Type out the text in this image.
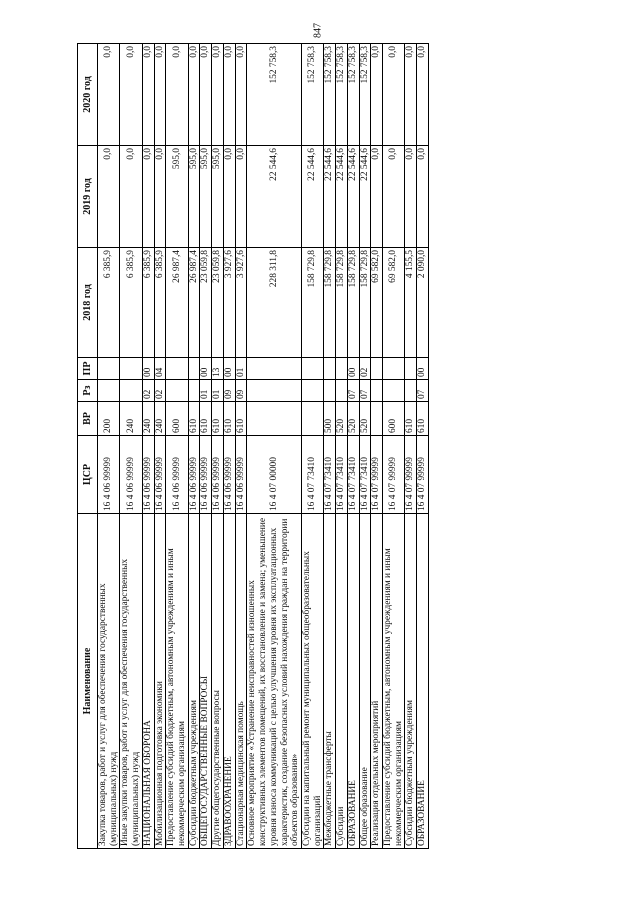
847
Наименование	ЦСР	ВР	Рз	ПР	2018 год	2019 год	2020 год
Закупка товаров, работ и услуг для обеспечения государственных (муниципальных) нужд	16 4 06 99999	200			6 385,9	0,0	0,0
Иные закупки товаров, работ и услуг для обеспечения государственных (муниципальных) нужд	16 4 06 99999	240			6 385,9	0,0	0,0
НАЦИОНАЛЬНАЯ ОБОРОНА	16 4 06 99999	240	02	00	6 385,9	0,0	0,0
Мобилизационная подготовка экономики	16 4 06 99999	240	02	04	6 385,9	0,0	0,0
Предоставление субсидий бюджетным, автономным учреждениям и иным некоммерческим организациям	16 4 06 99999	600			26 987,4	595,0	0,0
Субсидии бюджетным учреждениям	16 4 06 99999	610			26 987,4	595,0	0,0
ОБЩЕГОСУДАРСТВЕННЫЕ ВОПРОСЫ	16 4 06 99999	610	01	00	23 059,8	595,0	0,0
Другие общегосударственные вопросы	16 4 06 99999	610	01	13	23 059,8	595,0	0,0
ЗДРАВООХРАНЕНИЕ	16 4 06 99999	610	09	00	3 927,6	0,0	0,0
Стационарная медицинская помощь	16 4 06 99999	610	09	01	3 927,6	0,0	0,0
Основное мероприятие «Устранение неисправностей изношенных конструктивных элементов помещений, их восстановление и замена; уменьшение уровня износа коммуникаций с целью улучшения уровня их эксплуатационных характеристик, создание безопасных условий нахождения граждан на территории объектов образования»	16 4 07 00000				228 311,8	22 544,6	152 758,3
Субсидии на капитальный ремонт муниципальных общеобразовательных организаций	16 4 07 73410				158 729,8	22 544,6	152 758,3
Межбюджетные трансферты	16 4 07 73410	500			158 729,8	22 544,6	152 758,3
Субсидии	16 4 07 73410	520			158 729,8	22 544,6	152 758,3
ОБРАЗОВАНИЕ	16 4 07 73410	520	07	00	158 729,8	22 544,6	152 758,3
Общее образование	16 4 07 73410	520	07	02	158 729,8	22 544,6	152 758,3
Реализация отдельных мероприятий	16 4 07 99999				69 582,0	0,0	0,0
Предоставление субсидий бюджетным, автономным учреждениям и иным некоммерческим организациям	16 4 07 99999	600			69 582,0	0,0	0,0
Субсидии бюджетным учреждениям	16 4 07 99999	610			4 155,5	0,0	0,0
ОБРАЗОВАНИЕ	16 4 07 99999	610	07	00	2 090,0	0,0	0,0
